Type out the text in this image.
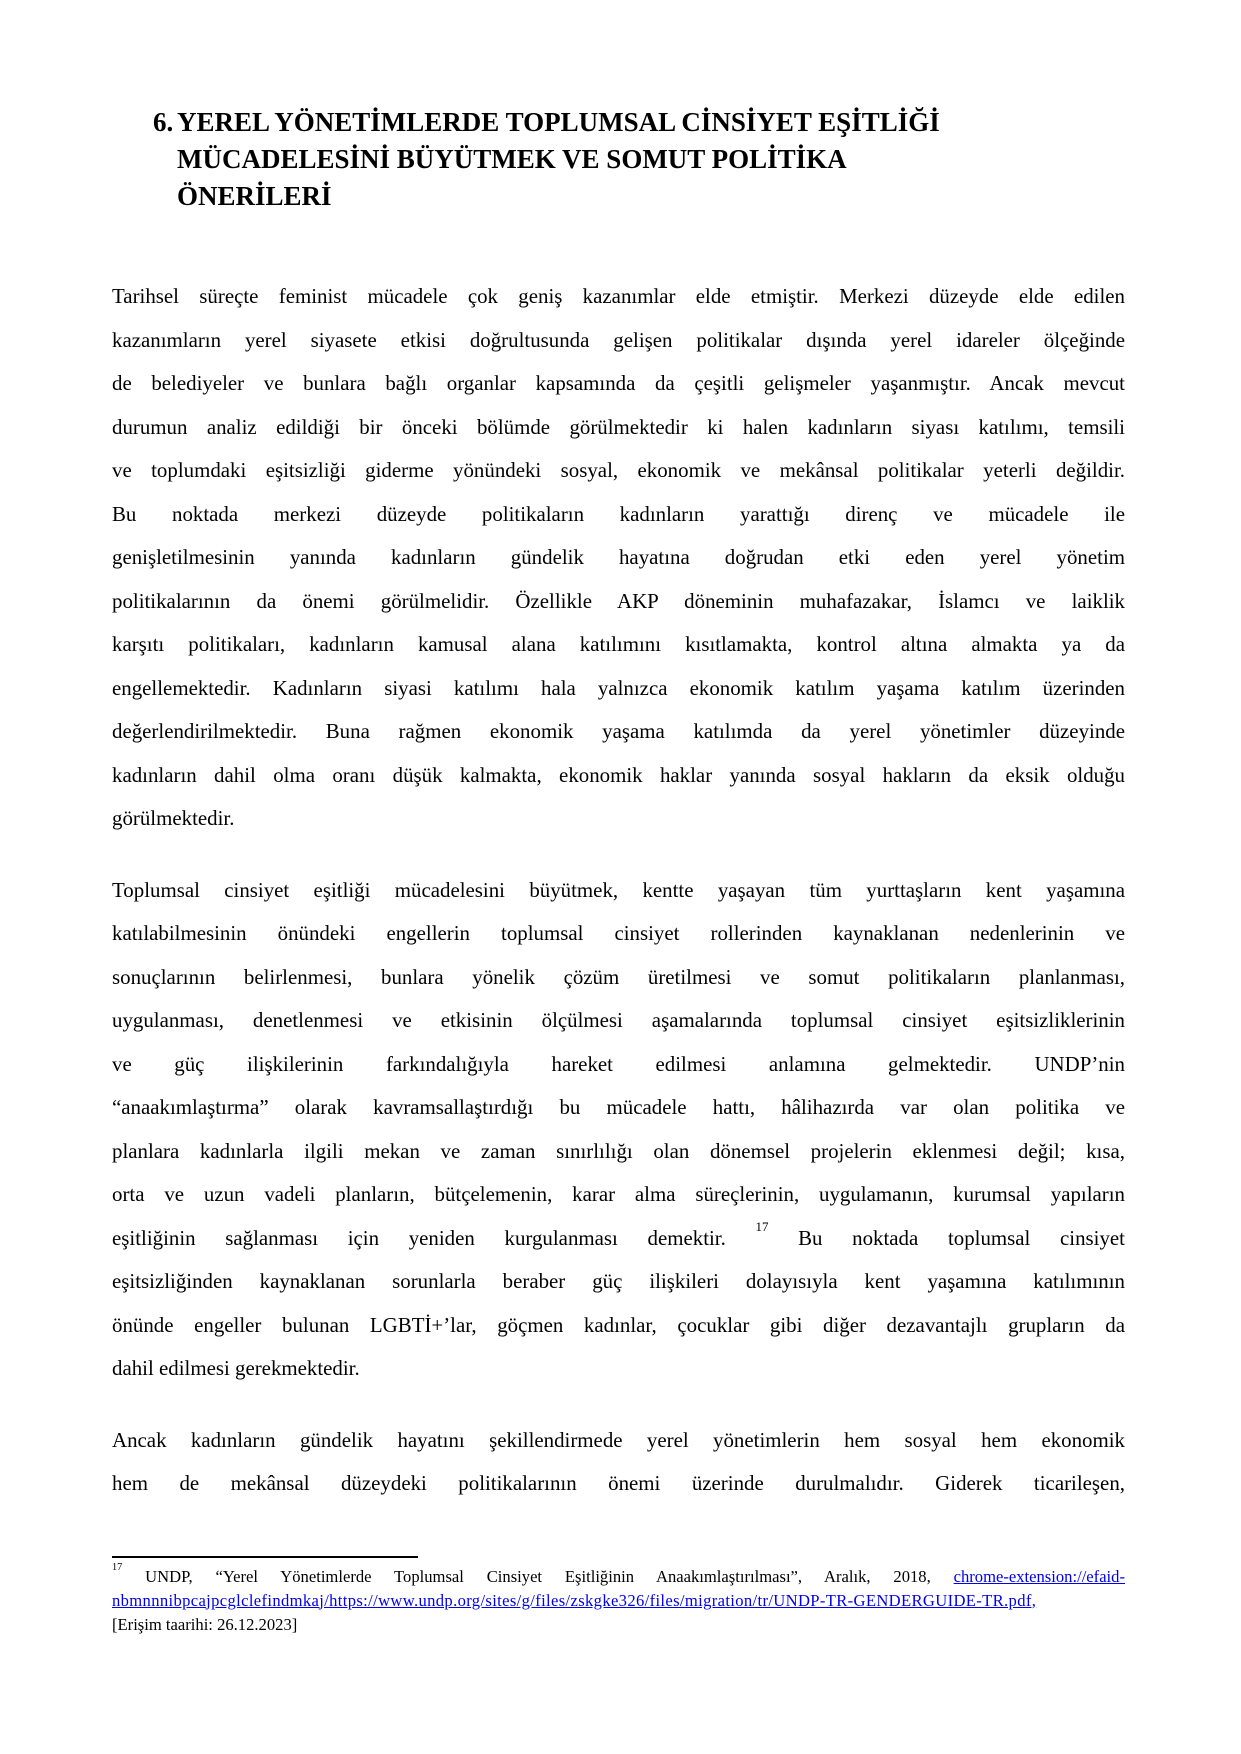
6. YEREL YÖNETİMLERDE TOPLUMSAL CİNSİYET EŞİTLİĞİ
MÜCADELESİNİ BÜYÜTMEK VE SOMUT POLİTİKA
ÖNERİLERİ
Tarihsel süreçte feminist mücadele çok geniş kazanımlar elde etmiştir. Merkezi düzeyde elde edilen
kazanımların yerel siyasete etkisi doğrultusunda gelişen politikalar dışında yerel idareler ölçeğinde
de belediyeler ve bunlara bağlı organlar kapsamında da çeşitli gelişmeler yaşanmıştır. Ancak mevcut
durumun analiz edildiği bir önceki bölümde görülmektedir ki halen kadınların siyası katılımı, temsili
ve toplumdaki eşitsizliği giderme yönündeki sosyal, ekonomik ve mekânsal politikalar yeterli değildir.
Bu noktada merkezi düzeyde politikaların kadınların yarattığı direnç ve mücadele ile
genişletilmesinin yanında kadınların gündelik hayatına doğrudan etki eden yerel yönetim
politikalarının da önemi görülmelidir. Özellikle AKP döneminin muhafazakar, İslamcı ve laiklik
karşıtı politikaları, kadınların kamusal alana katılımını kısıtlamakta, kontrol altına almakta ya da
engellemektedir. Kadınların siyasi katılımı hala yalnızca ekonomik katılım yaşama katılım üzerinden
değerlendirilmektedir. Buna rağmen ekonomik yaşama katılımda da yerel yönetimler düzeyinde
kadınların dahil olma oranı düşük kalmakta, ekonomik haklar yanında sosyal hakların da eksik olduğu
görülmektedir.
Toplumsal cinsiyet eşitliği mücadelesini büyütmek, kentte yaşayan tüm yurttaşların kent yaşamına
katılabilmesinin önündeki engellerin toplumsal cinsiyet rollerinden kaynaklanan nedenlerinin ve
sonuçlarının belirlenmesi, bunlara yönelik çözüm üretilmesi ve somut politikaların planlanması,
uygulanması, denetlenmesi ve etkisinin ölçülmesi aşamalarında toplumsal cinsiyet eşitsizliklerinin
ve güç ilişkilerinin farkındalığıyla hareket edilmesi anlamına gelmektedir. UNDP’nin
“anaakımlaştırma” olarak kavramsallaştırdığı bu mücadele hattı, hâlihazırda var olan politika ve
planlara kadınlarla ilgili mekan ve zaman sınırlılığı olan dönemsel projelerin eklenmesi değil; kısa,
orta ve uzun vadeli planların, bütçelemenin, karar alma süreçlerinin, uygulamanın, kurumsal yapıların
eşitliğinin sağlanması için yeniden kurgulanması demektir. $^{17}$ Bu noktada toplumsal cinsiyet
eşitsizliğinden kaynaklanan sorunlarla beraber güç ilişkileri dolayısıyla kent yaşamına katılımının
önünde engeller bulunan LGBTİ+’lar, göçmen kadınlar, çocuklar gibi diğer dezavantajlı grupların da
dahil edilmesi gerekmektedir.
Ancak kadınların gündelik hayatını şekillendirmede yerel yönetimlerin hem sosyal hem ekonomik
hem de mekânsal düzeydeki politikalarının önemi üzerinde durulmalıdır. Giderek ticarileşen,
$^{17}$ UNDP, “Yerel Yönetimlerde Toplumsal Cinsiyet Eşitliğinin Anaakımlaştırılması”, Aralık, 2018, chrome-extension://efaid-
nbmnnnibpcajpcglclefindmkaj/https://www.undp.org/sites/g/files/zskgke326/files/migration/tr/UNDP-TR-GENDERGUIDE-TR.pdf,
[Erişim taarihi: 26.12.2023]
